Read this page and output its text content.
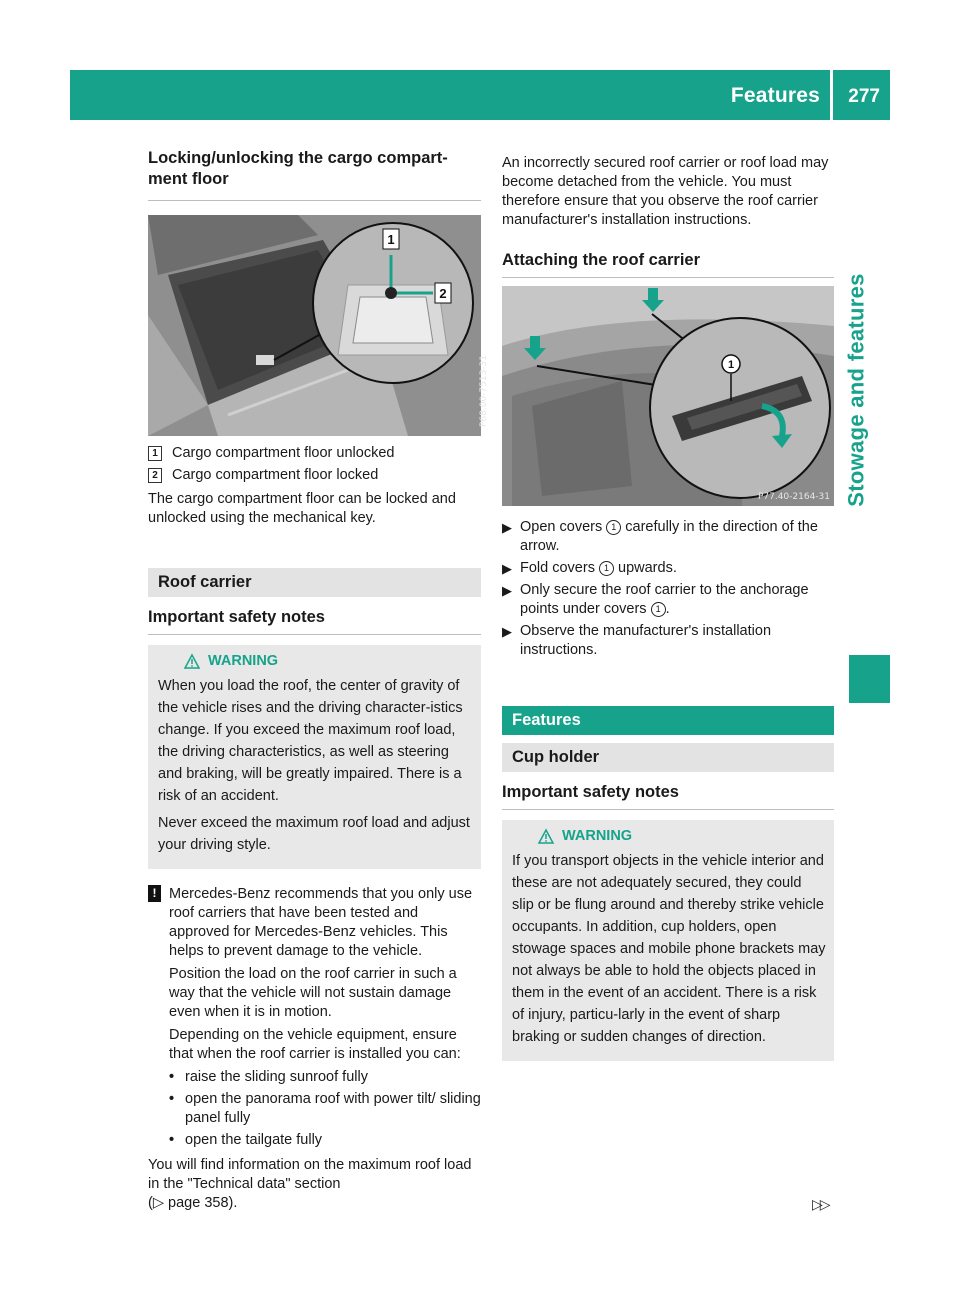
Features 277
Stowage and features
Locking/unlocking the cargo compart-ment floor
1
2
P68.00-7513-31
1 Cargo compartment floor unlocked
2 Cargo compartment floor locked

The cargo compartment floor can be locked and unlocked using the mechanical key.

Roof carrier
Important safety notes
WARNING

When you load the roof, the center of gravity of the vehicle rises and the driving character-istics change. If you exceed the maximum roof load, the driving characteristics, as well as steering and braking, will be greatly impaired. There is a risk of an accident.

Never exceed the maximum roof load and adjust your driving style.

! Mercedes-Benz recommends that you only use roof carriers that have been tested and approved for Mercedes-Benz vehicles. This helps to prevent damage to the vehicle.

Position the load on the roof carrier in such a way that the vehicle will not sustain damage even when it is in motion.

Depending on the vehicle equipment, ensure that when the roof carrier is installed you can:

• raise the sliding sunroof fully
• open the panorama roof with power tilt/ sliding panel fully
• open the tailgate fully

You will find information on the maximum roof load in the "Technical data" section
(▷ page 358).

An incorrectly secured roof carrier or roof load may become detached from the vehicle. You must therefore ensure that you observe the roof carrier manufacturer's installation instructions.

Attaching the roof carrier
1
P77.40-2164-31
▶ Open covers 1 carefully in the direction of the arrow.
▶ Fold covers 1 upwards.
▶ Only secure the roof carrier to the anchorage points under covers 1 .
▶ Observe the manufacturer's installation instructions.
Features
Cup holder
Important safety notes
WARNING

If you transport objects in the vehicle interior and these are not adequately secured, they could slip or be flung around and thereby strike vehicle occupants. In addition, cup holders, open stowage spaces and mobile phone brackets may not always be able to hold the objects placed in them in the event of an accident. There is a risk of injury, particu-larly in the event of sharp braking or sudden changes of direction.

▷▷
